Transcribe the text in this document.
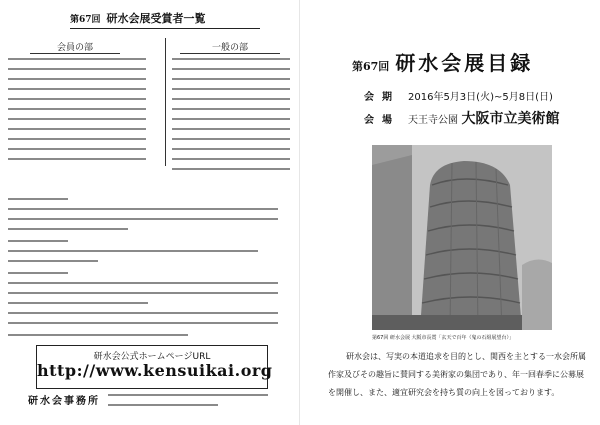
第67回 研水会展受賞者一覧
会員の部	一般の部
研水会公式ホームページURL
http://www.kensuikai.org
研水会事務所
第67回 研水会展目録
会期 2016年5月3日(火)~5月8日(日)
会場 天王寺公園 大阪市立美術館
第67回 研水会展 大阪市長賞「玄天で百年（鬼の石組展望台）」

研水会は、写実の本道追求を目的とし、関西を主とする一水会所属作家及びその趣旨に賛同する美術家の集団であり、年一回春季に公募展を開催し、また、適宜研究会を持ち質の向上を図っております。
